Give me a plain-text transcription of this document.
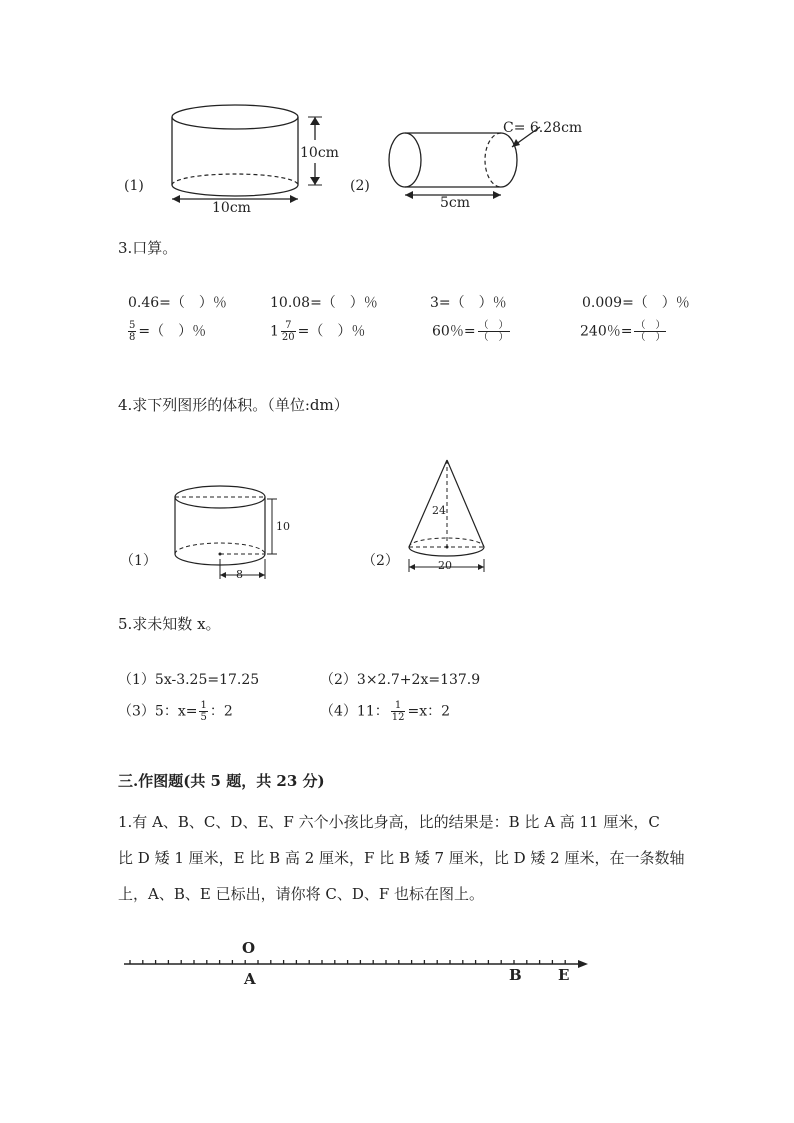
(1)
10cm
10cm
(2)
C= 6.28cm
5cm
3.口算。
0.46=（　）％	10.08=（　）％	3=（　）％	0.009=（　）％
$\frac{5}{8}$ =（　）％	$1 \frac{7}{20}$ =（　）％	60％= $\frac{( )}{( )}$	240％= $\frac{( )}{( )}$
4.求下列图形的体积。（单位:dm）
（1）
10
8
（2）
24
20
5.求未知数 x。
（1）5x-3.25=17.25	（2）3×2.7+2x=137.9
（3）5：$x= \frac{1}{5}$ ：2	（4）11： $\frac{1}{12} =x$：2
三.作图题(共 5 题，共 23 分)
1.有 A、B、C、D、E、F 六个小孩比身高，比的结果是：B 比 A 高 11 厘米，C
比 D 矮 1 厘米，E 比 B 高 2 厘米，F 比 B 矮 7 厘米，比 D 矮 2 厘米，在一条数轴
上，A、B、E 已标出，请你将 C、D、F 也标在图上。
O
A	B E
